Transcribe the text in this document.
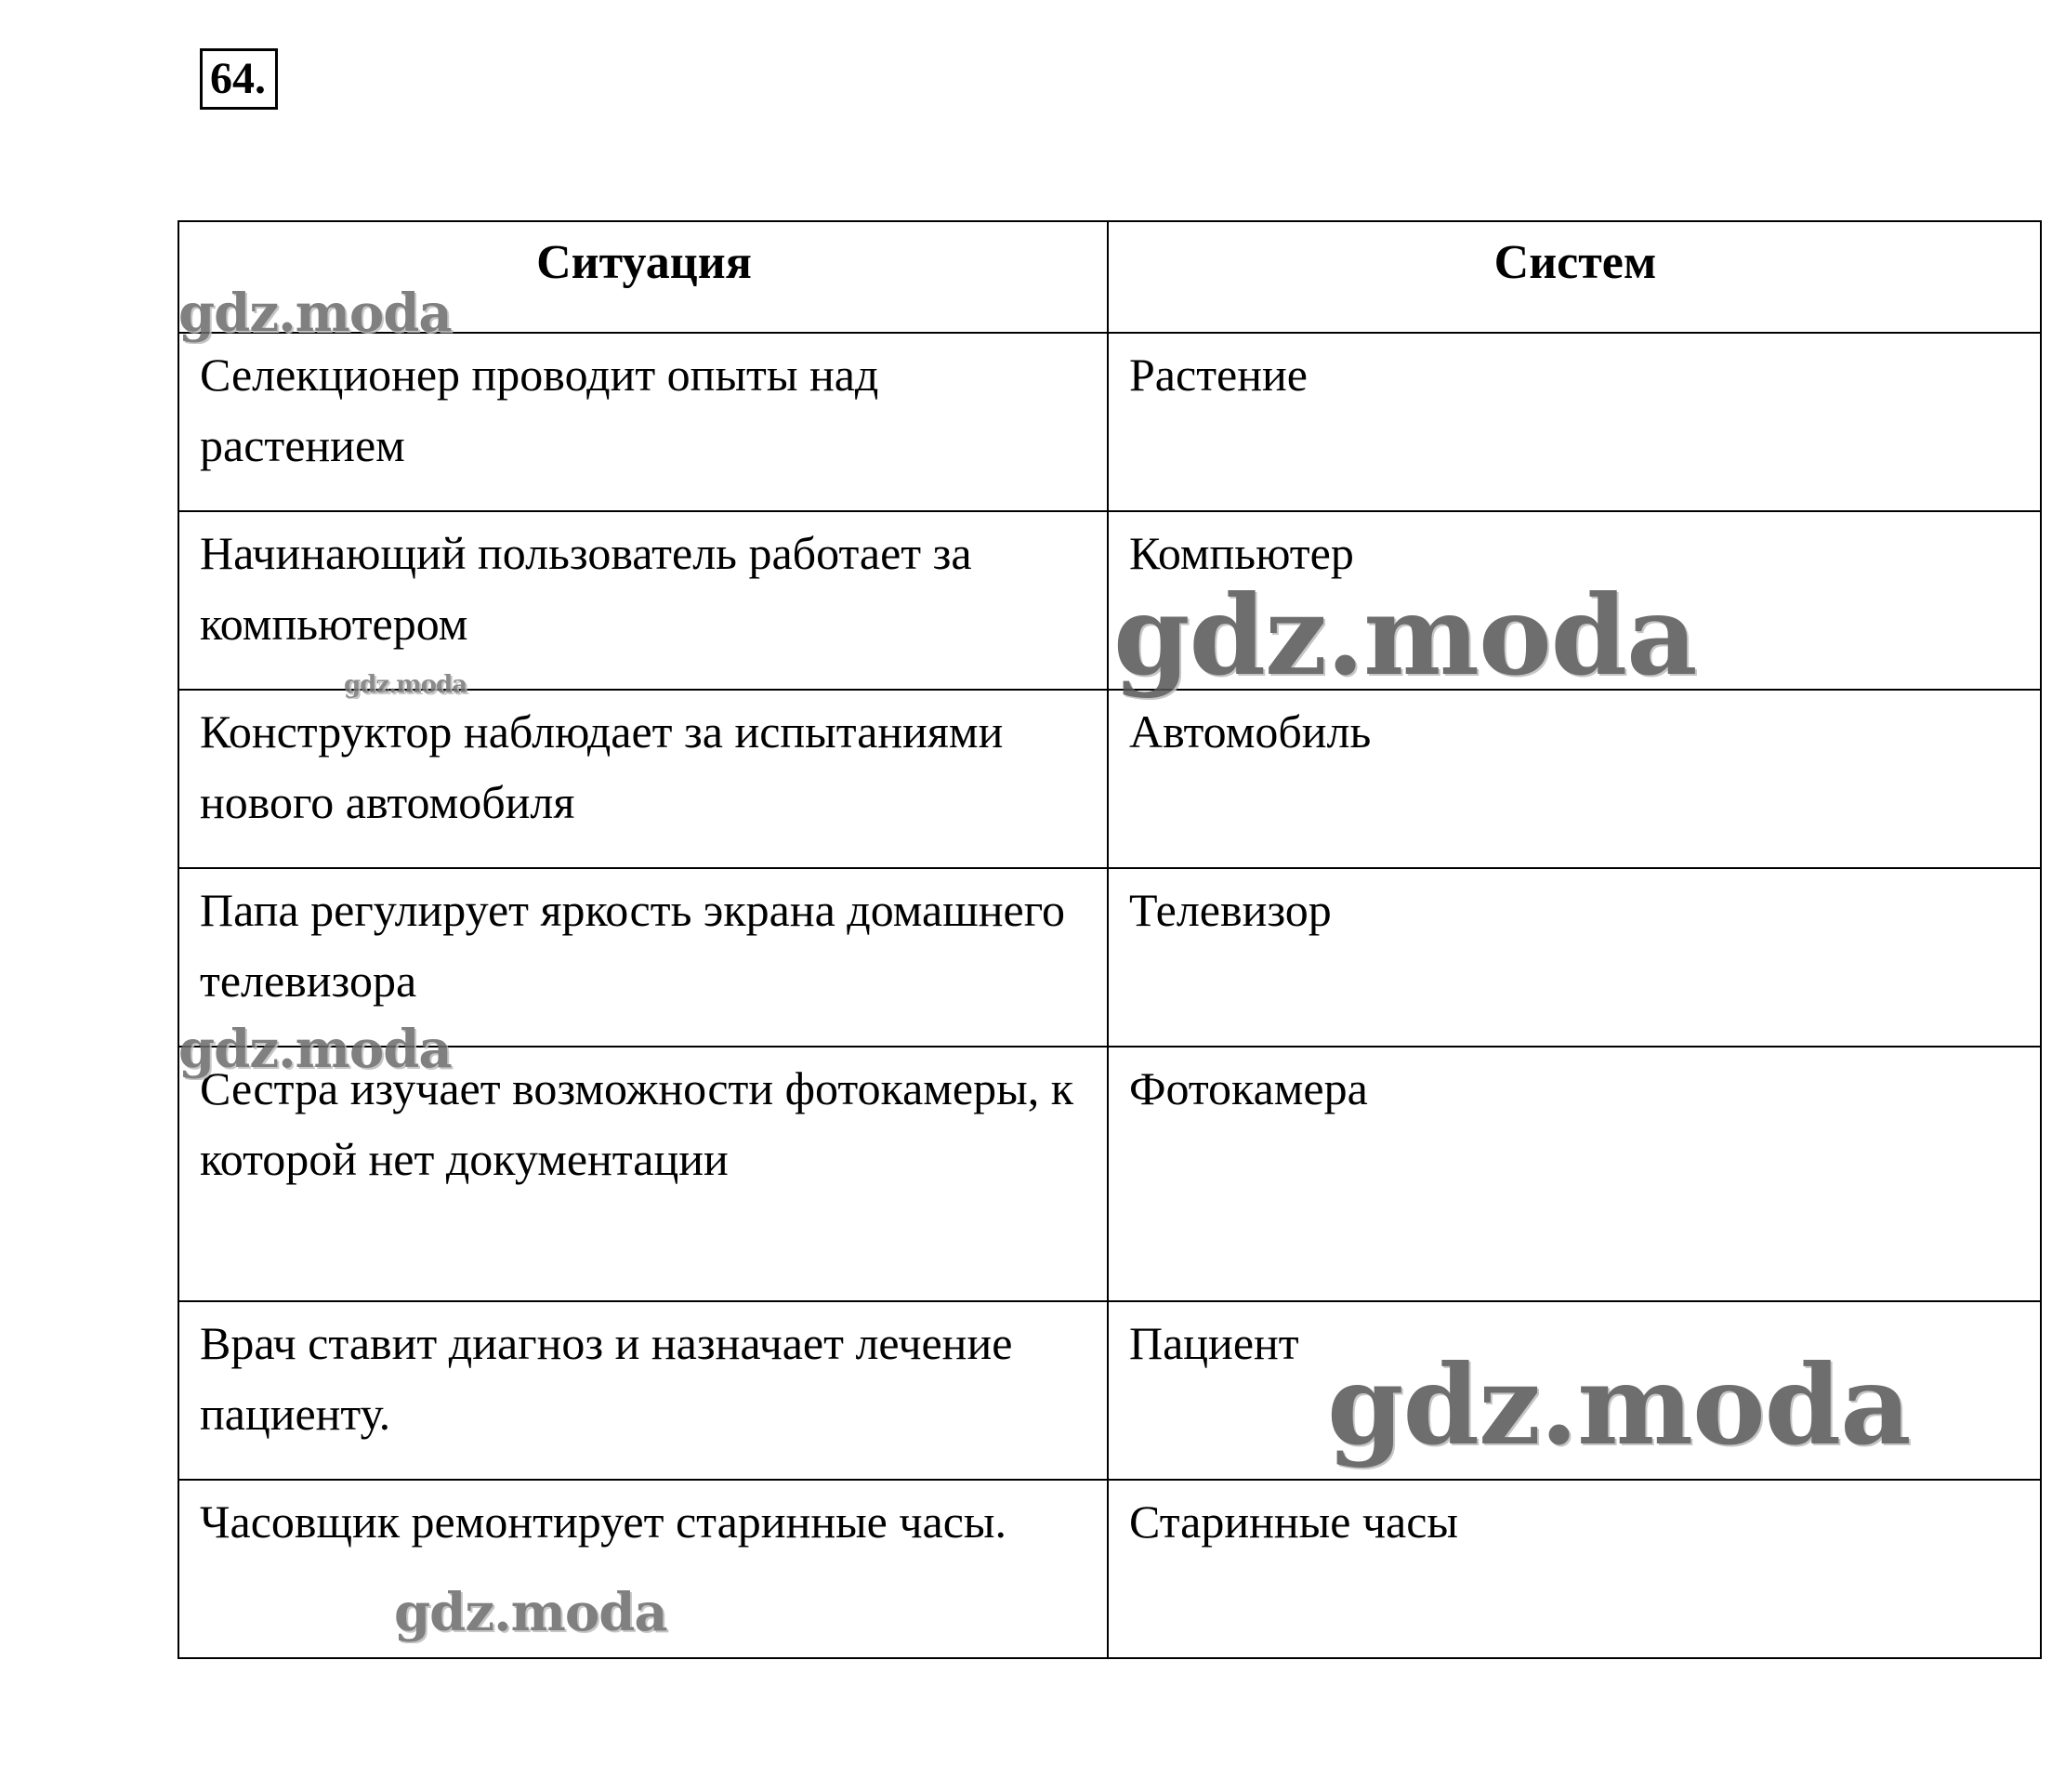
64.
Ситуация	Систем
Селекционер проводит опыты над растением	Растение
Начинающий пользователь работает за компьютером	Компьютер
Конструктор наблюдает за испытаниями нового автомобиля	Автомобиль
Папа регулирует яркость экрана домашнего телевизора	Телевизор
Сестра изучает возможности фотокамеры, к которой нет документации	Фотокамера
Врач ставит диагноз и назначает лечение пациенту.	Пациент
Часовщик ремонтирует старинные часы.	Старинные часы
gdz.moda
gdz.moda
gdz.moda
gdz.moda
gdz.moda
gdz.moda
